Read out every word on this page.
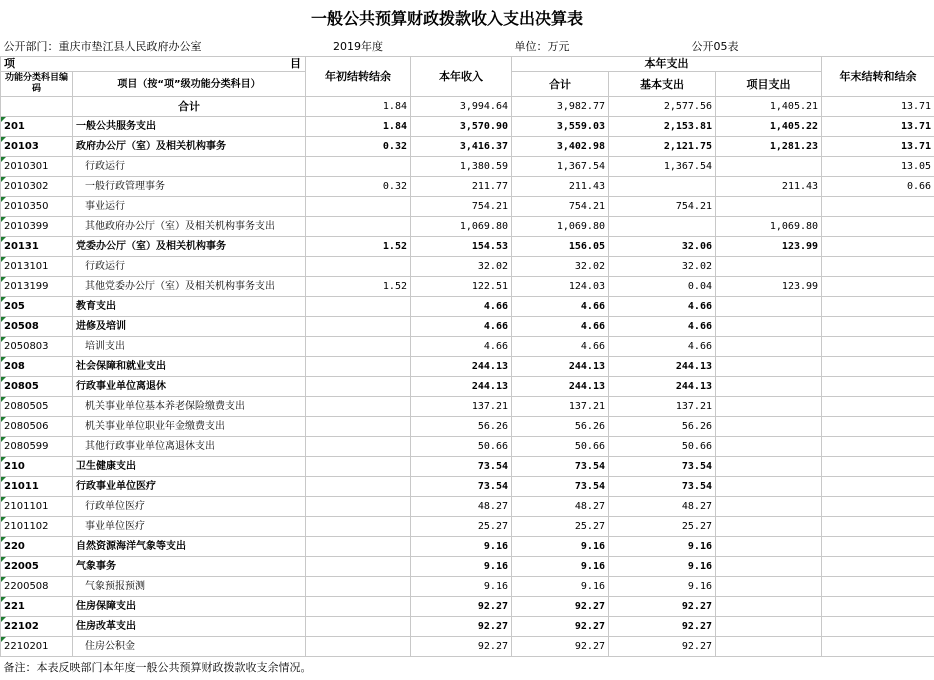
	一般公共预算财政拨款收入支出决算表						
公开部门：重庆市垫江县人民政府办公室		2019年度		单位：万元	公开05表		
项 目		年初结转结余	本年收入	本年支出			年末结转和结余
功能分类科目编码	项目（按“项”级功能分类科目）			合计	基本支出	项目支出	
	合计	1.84	3,994.64	3,982.77	2,577.56	1,405.21	13.71

201	一般公共服务支出	1.84	3,570.90	3,559.03	2,153.81	1,405.22	13.71

20103	政府办公厅（室）及相关机构事务	0.32	3,416.37	3,402.98	2,121.75	1,281.23	13.71

2010301	行政运行		1,380.59	1,367.54	1,367.54		13.05

2010302	一般行政管理事务	0.32	211.77	211.43		211.43	0.66

2010350	事业运行		754.21	754.21	754.21		

2010399	其他政府办公厅（室）及相关机构事务支出		1,069.80	1,069.80		1,069.80	

20131	党委办公厅（室）及相关机构事务	1.52	154.53	156.05	32.06	123.99	

2013101	行政运行		32.02	32.02	32.02		

2013199	其他党委办公厅（室）及相关机构事务支出	1.52	122.51	124.03	0.04	123.99	

205	教育支出		4.66	4.66	4.66		

20508	进修及培训		4.66	4.66	4.66		

2050803	培训支出		4.66	4.66	4.66		

208	社会保障和就业支出		244.13	244.13	244.13		

20805	行政事业单位离退休		244.13	244.13	244.13		

2080505	机关事业单位基本养老保险缴费支出		137.21	137.21	137.21		

2080506	机关事业单位职业年金缴费支出		56.26	56.26	56.26		

2080599	其他行政事业单位离退休支出		50.66	50.66	50.66		

210	卫生健康支出		73.54	73.54	73.54		

21011	行政事业单位医疗		73.54	73.54	73.54		

2101101	行政单位医疗		48.27	48.27	48.27		

2101102	事业单位医疗		25.27	25.27	25.27		

220	自然资源海洋气象等支出		9.16	9.16	9.16		

22005	气象事务		9.16	9.16	9.16		

2200508	气象预报预测		9.16	9.16	9.16		

221	住房保障支出		92.27	92.27	92.27		

22102	住房改革支出		92.27	92.27	92.27		

2210201	住房公积金		92.27	92.27	92.27		
备注：本表反映部门本年度一般公共预算财政拨款收支余情况。							
